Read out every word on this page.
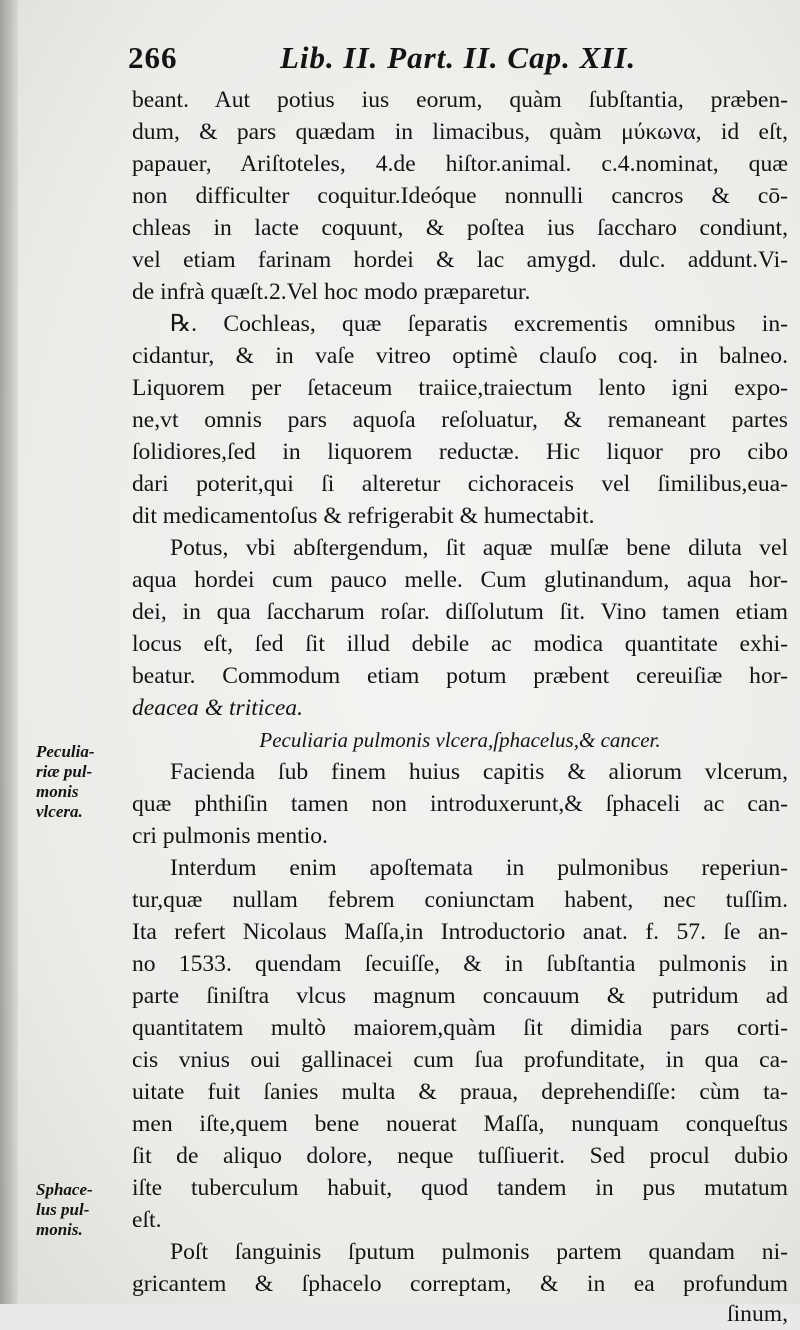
266	Lib. II. Part. II. Cap. XII.
beant. Aut potius ius eorum, quàm ſubſtantia, præben-
dum, & pars quædam in limacibus, quàm μύκωνα, id eſt,
papauer, Ariſtoteles, 4.de hiſtor.animal. c.4.nominat, quæ
non difficulter coquitur.Ideóque nonnulli cancros & cō-
chleas in lacte coquunt, & poſtea ius ſaccharo condiunt,
vel etiam farinam hordei & lac amygd. dulc. addunt.Vi-
de infrà quæſt.2.Vel hoc modo præparetur.
℞. Cochleas, quæ ſeparatis excrementis omnibus in-
cidantur, & in vaſe vitreo optimè clauſo coq. in balneo.
Liquorem per ſetaceum traiice,traiectum lento igni expo-
ne,vt omnis pars aquoſa reſoluatur, & remaneant partes
ſolidiores,ſed in liquorem reductæ. Hic liquor pro cibo
dari poterit,qui ſi alteretur cichoraceis vel ſimilibus,eua-
dit medicamentoſus & refrigerabit & humectabit.
Potus, vbi abſtergendum, ſit aquæ mulſæ bene diluta vel
aqua hordei cum pauco melle. Cum glutinandum, aqua hor-
dei, in qua ſaccharum roſar. diſſolutum ſit. Vino tamen etiam
locus eſt, ſed ſit illud debile ac modica quantitate exhi-
beatur. Commodum etiam potum præbent cereuiſiæ hor-
deacea & triticea.
Peculiaria pulmonis vlcera,ſphacelus,& cancer.
Facienda ſub finem huius capitis & aliorum vlcerum,
quæ phthiſin tamen non introduxerunt,& ſphaceli ac can-
cri pulmonis mentio.
Interdum enim apoſtemata in pulmonibus reperiun-
tur,quæ nullam febrem coniunctam habent, nec tuſſim.
Ita refert Nicolaus Maſſa,in Introductorio anat. f. 57. ſe an-
no 1533. quendam ſecuiſſe, & in ſubſtantia pulmonis in
parte ſiniſtra vlcus magnum concauum & putridum ad
quantitatem multò maiorem,quàm ſit dimidia pars corti-
cis vnius oui gallinacei cum ſua profunditate, in qua ca-
uitate fuit ſanies multa & praua, deprehendiſſe: cùm ta-
men iſte,quem bene nouerat Maſſa, nunquam conqueſtus
ſit de aliquo dolore, neque tuſſiuerit. Sed procul dubio
iſte tuberculum habuit, quod tandem in pus mutatum
eſt.
Poſt ſanguinis ſputum pulmonis partem quandam ni-
gricantem & ſphacelo correptam, & in ea profundum
ſinum,
Peculia-
riæ pul-
monis
vlcera.
Sphace-
lus pul-
monis.
